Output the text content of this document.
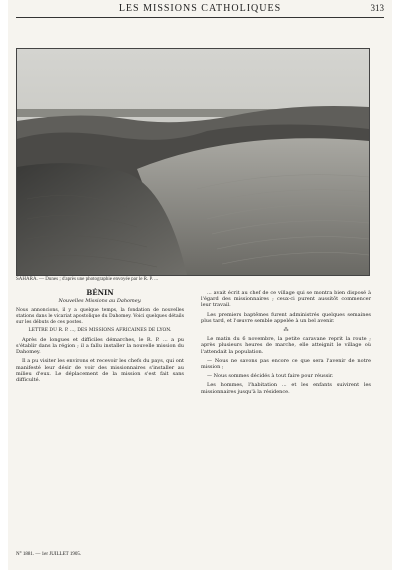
LES MISSIONS CATHOLIQUES	313
SAHARA. — Dunes ; d'après une photographie envoyée par le R. P. ...
BÉNIN
Nouvelles Missions au Dahomey.
Nous annoncions, il y a quelque temps, la fondation de nouvelles stations dans le vicariat apostolique du Dahomey. Voici quelques détails sur les débuts de ces postes.
LETTRE DU R. P. ..., DES MISSIONS AFRICAINES DE LYON.

Après de longues et difficiles démarches, le R. P. ... a pu s'établir dans la région ; il a fallu installer la nouvelle mission du Dahomey.

Il a pu visiter les environs et recevoir les chefs du pays, qui ont manifesté leur désir de voir des missionnaires s'installer au milieu d'eux. Le déplacement de la mission s'est fait sans difficulté.

... avait écrit au chef de ce village qui se montra bien disposé à l'égard des missionnaires ; ceux-ci purent aussitôt commencer leur travail.

Les premiers baptêmes furent administrés quelques semaines plus tard, et l'œuvre semble appelée à un bel avenir.

⁂

Le matin du 6 novembre, la petite caravane reprit la route ; après plusieurs heures de marche, elle atteignit le village où l'attendait la population.

— Nous ne savons pas encore ce que sera l'avenir de notre mission ;

— Nous sommes décidés à tout faire pour réussir.

Les hommes, l'habitation ... et les enfants suivirent les missionnaires jusqu'à la résidence.

N° 1881. — 1er JUILLET 1905.
